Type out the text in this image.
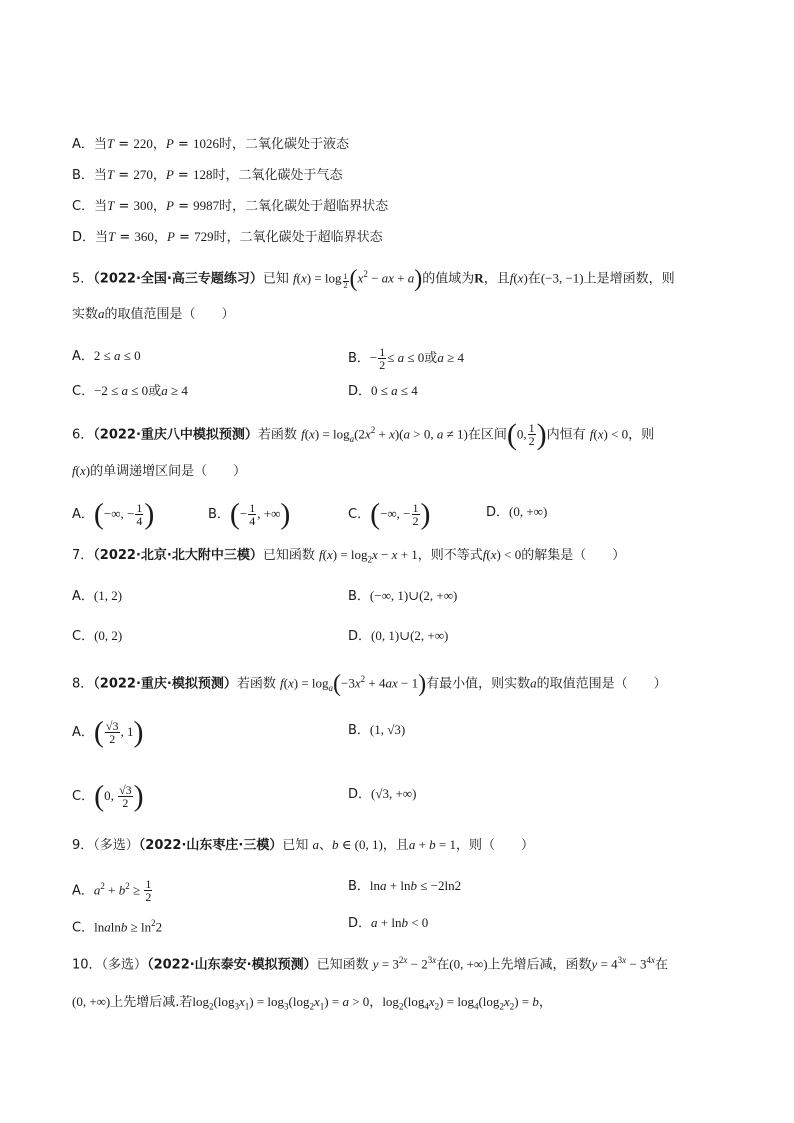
A．当T = 220，P = 1026时，二氧化碳处于液态
B．当T = 270，P = 128时，二氧化碳处于气态
C．当T = 300，P = 9987时，二氧化碳处于超临界状态
D．当T = 360，P = 729时，二氧化碳处于超临界状态
5．（2022·全国·高三专题练习）已知 $f(x) = \log \frac{1}{2} (x^2$ − ax + a)的值域为R，且f(x)在(−3, −1)上是增函数，则
实数a的取值范围是（　　）
A．2 ≤ a ≤ 0	B．− $\frac{1}{2} \le a \le 0$或a ≥ 4
C．−2 ≤ a ≤ 0或a ≥ 4	D．0 ≤ a ≤ 4
6．（2022·重庆八中模拟预测）若函数 $f(x) = \log_a(2x^2 + x)(a > 0$, a ≠ 1)在区间(0, $\frac{1}{2}$ )内恒有 f(x) < 0，则
f(x)的单调递增区间是（　　）
A．(−∞, − $\frac{1}{4}$ )	B．(− $\frac{1}{4}$ , +∞)	C．(−∞, − $\frac{1}{2}$ )	D．(0, +∞)
7．（2022·北京·北大附中三模）已知函数 $f(x) = \log_2x - x + 1$，则不等式f(x) < 0的解集是（　　）
A．(1, 2)	B．(−∞, 1)∪(2, +∞)
C．(0, 2)	D．(0, 1)∪(2, +∞)
8．（2022·重庆·模拟预测）若函数 $f(x) = \log_a(-3x^2 + 4ax - 1)$有最小值，则实数a的取值范围是（　　）
A．( $\frac{√3}{2}$ , 1)	B．(1, √3)
C．(0, $\frac{√3}{2}$ )	D．(√3, +∞)
9．（多选）（2022·山东枣庄·三模）已知 a、b ∈ (0, 1)，且a + b = 1，则（　　）
A．$a^2 + b^2 \ge \frac{1}{2}$	B．lna + lnb ≤ −2ln2
C．$lnalnb \ge \ln^22$	D．a + lnb < 0
10．（多选）（2022·山东泰安·模拟预测）已知函数 $y = 3^{2x} - 2^{3x}$在(0, +∞)上先增后减，函数$y = 4^{3x} - 3^{4x}$在
(0, +∞)上先增后减.若$\log_2(\log_3x_1) = \log_3(\log_2x_1) = a > 0$，$\log_2(\log_4x_2) = \log_4(\log_2x_2) = b$，
